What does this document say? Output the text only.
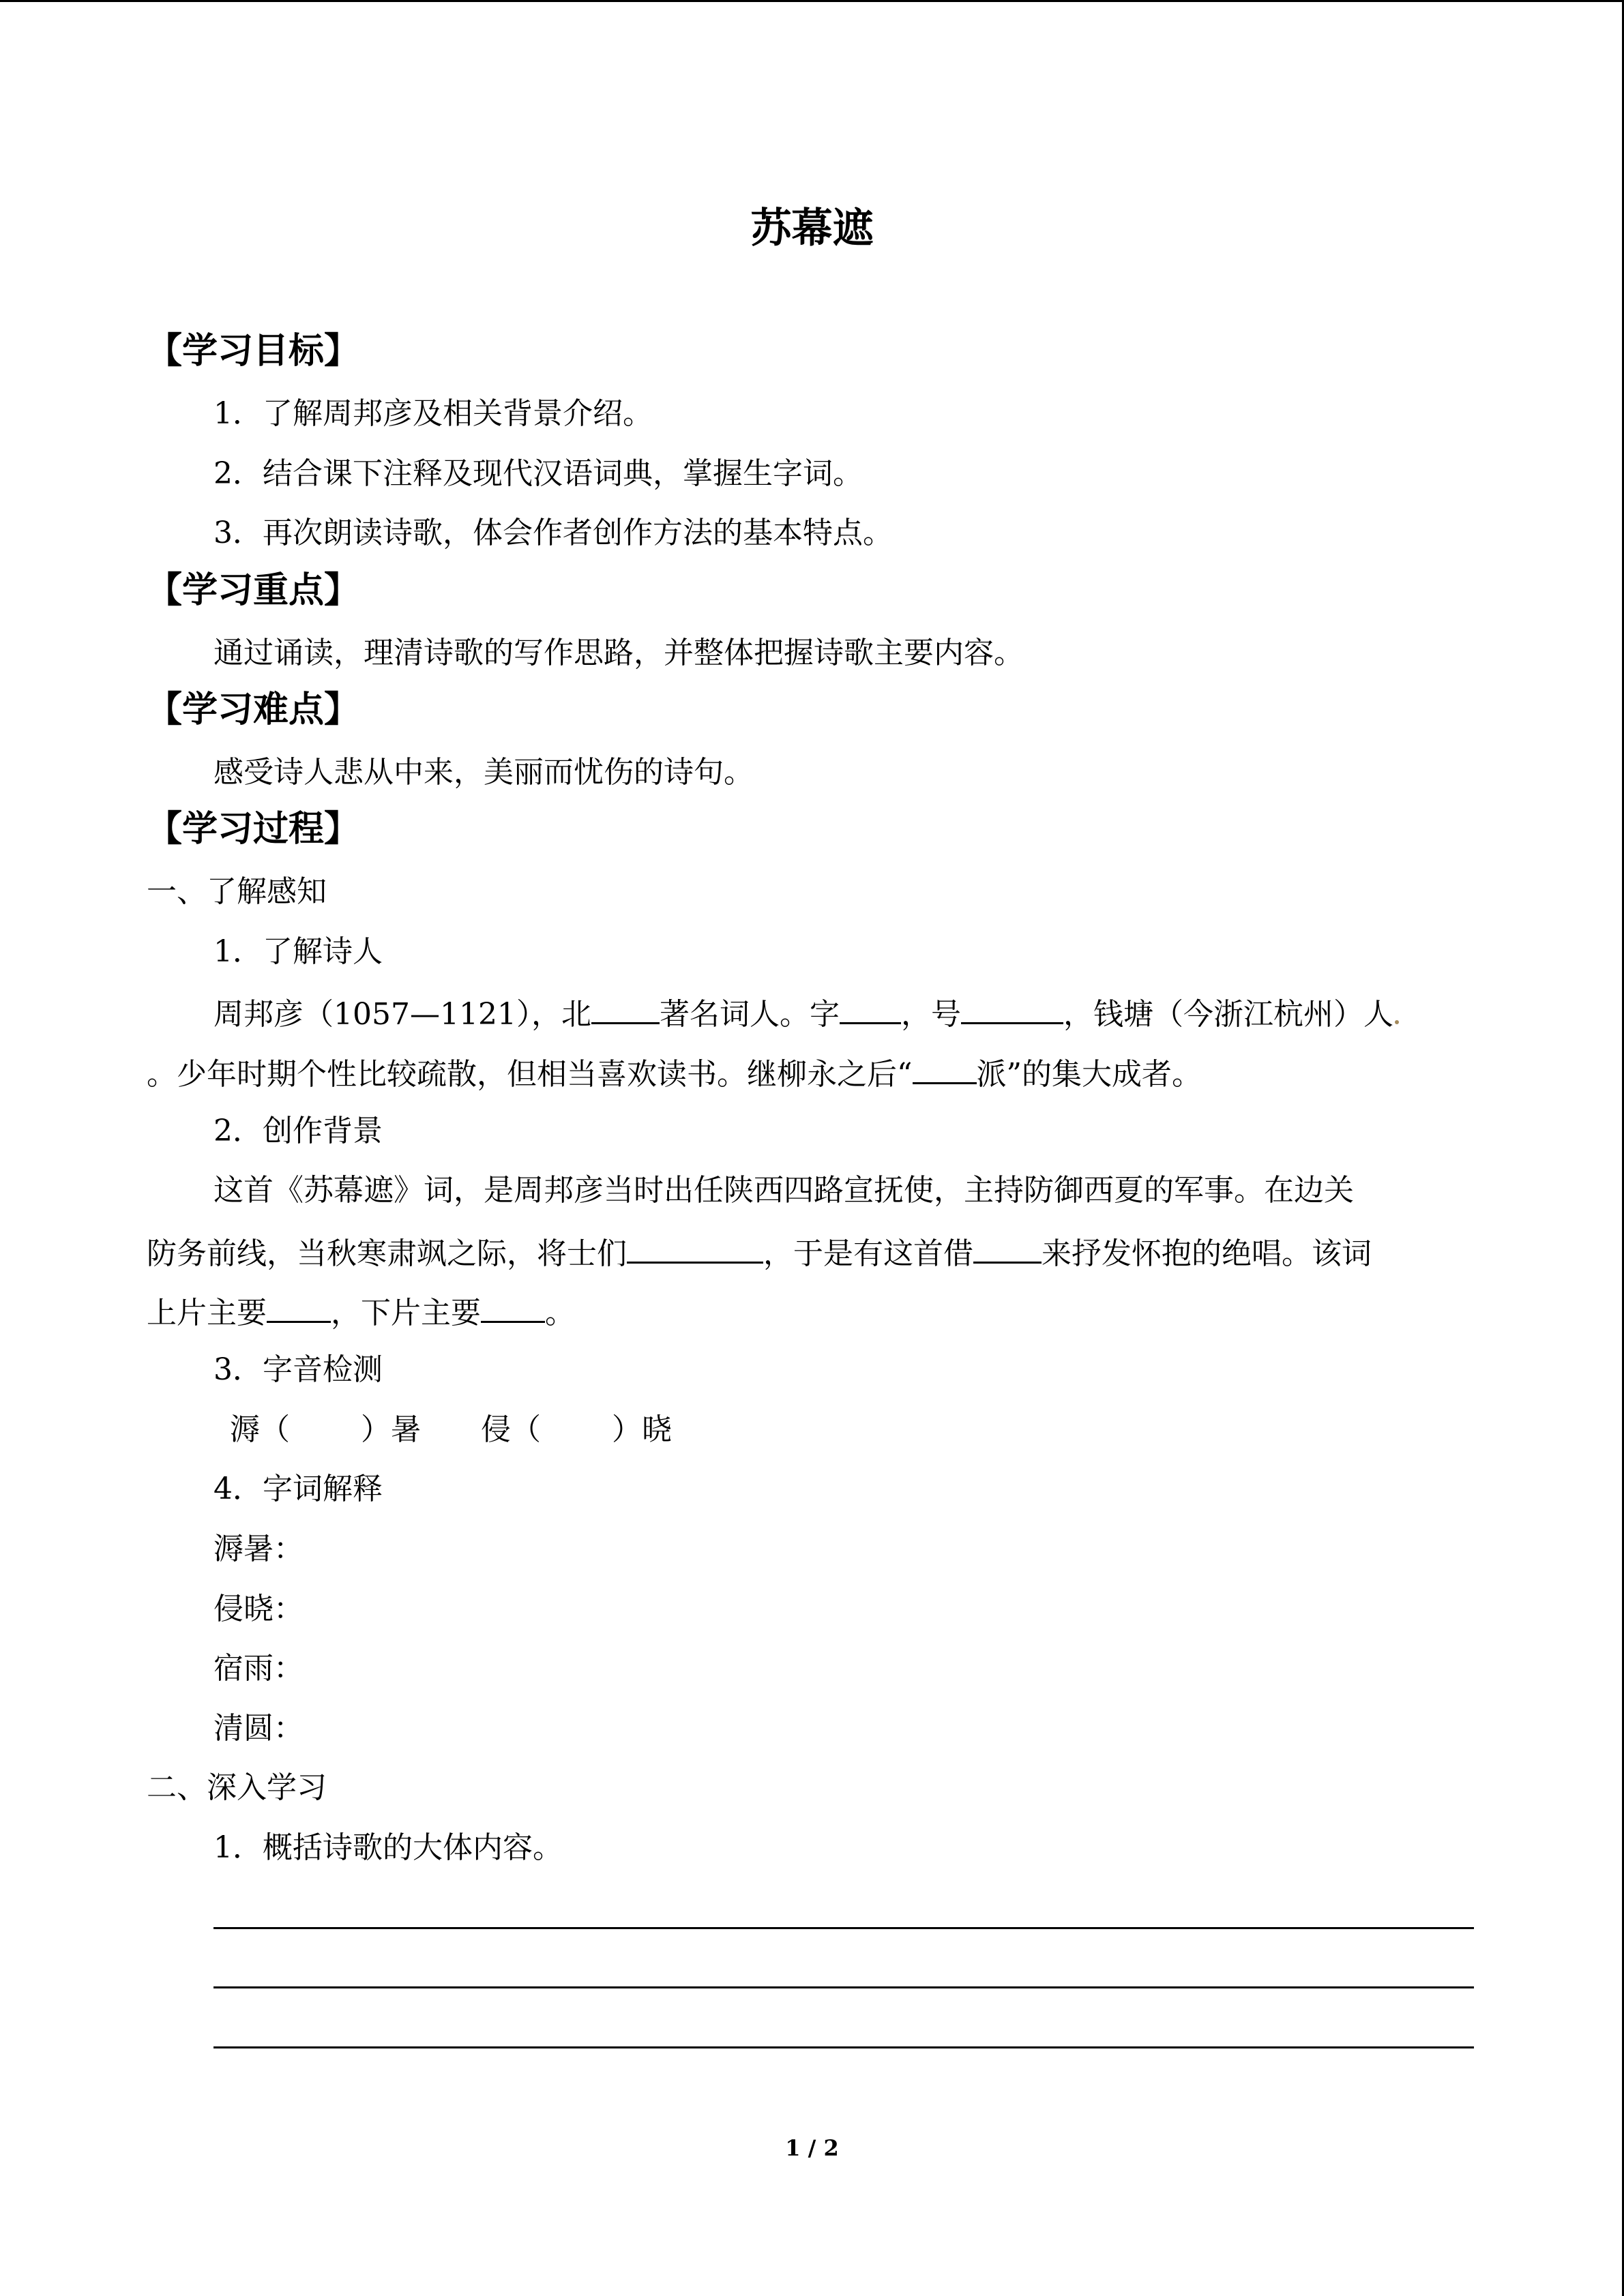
苏幕遮
【学习目标】
1．了解周邦彦及相关背景介绍。
2．结合课下注释及现代汉语词典，掌握生字词。
3．再次朗读诗歌，体会作者创作方法的基本特点。
【学习重点】
通过诵读，理清诗歌的写作思路，并整体把握诗歌主要内容。
【学习难点】
感受诗人悲从中来，美丽而忧伤的诗句。
【学习过程】
一、了解感知
1．了解诗人
周邦彦（1057—1121），北 著名词人。字 ，号	，钱塘（今浙江杭州）人
。少年时期个性比较疏散，但相当喜欢读书。继柳永之后“ 派”的集大成者。
2．创作背景
这首《苏幕遮》词，是周邦彦当时出任陕西四路宣抚使，主持防御西夏的军事。在边关
防务前线，当秋寒肃飒之际，将士们	，于是有这首借 来抒发怀抱的绝唱。该词
上片主要 ，下片主要 。
3．字音检测
溽（ ）暑 侵（ ）晓
4．字词解释
溽暑：
侵晓：
宿雨：
清圆：
二、深入学习
1．概括诗歌的大体内容。
1 / 2
